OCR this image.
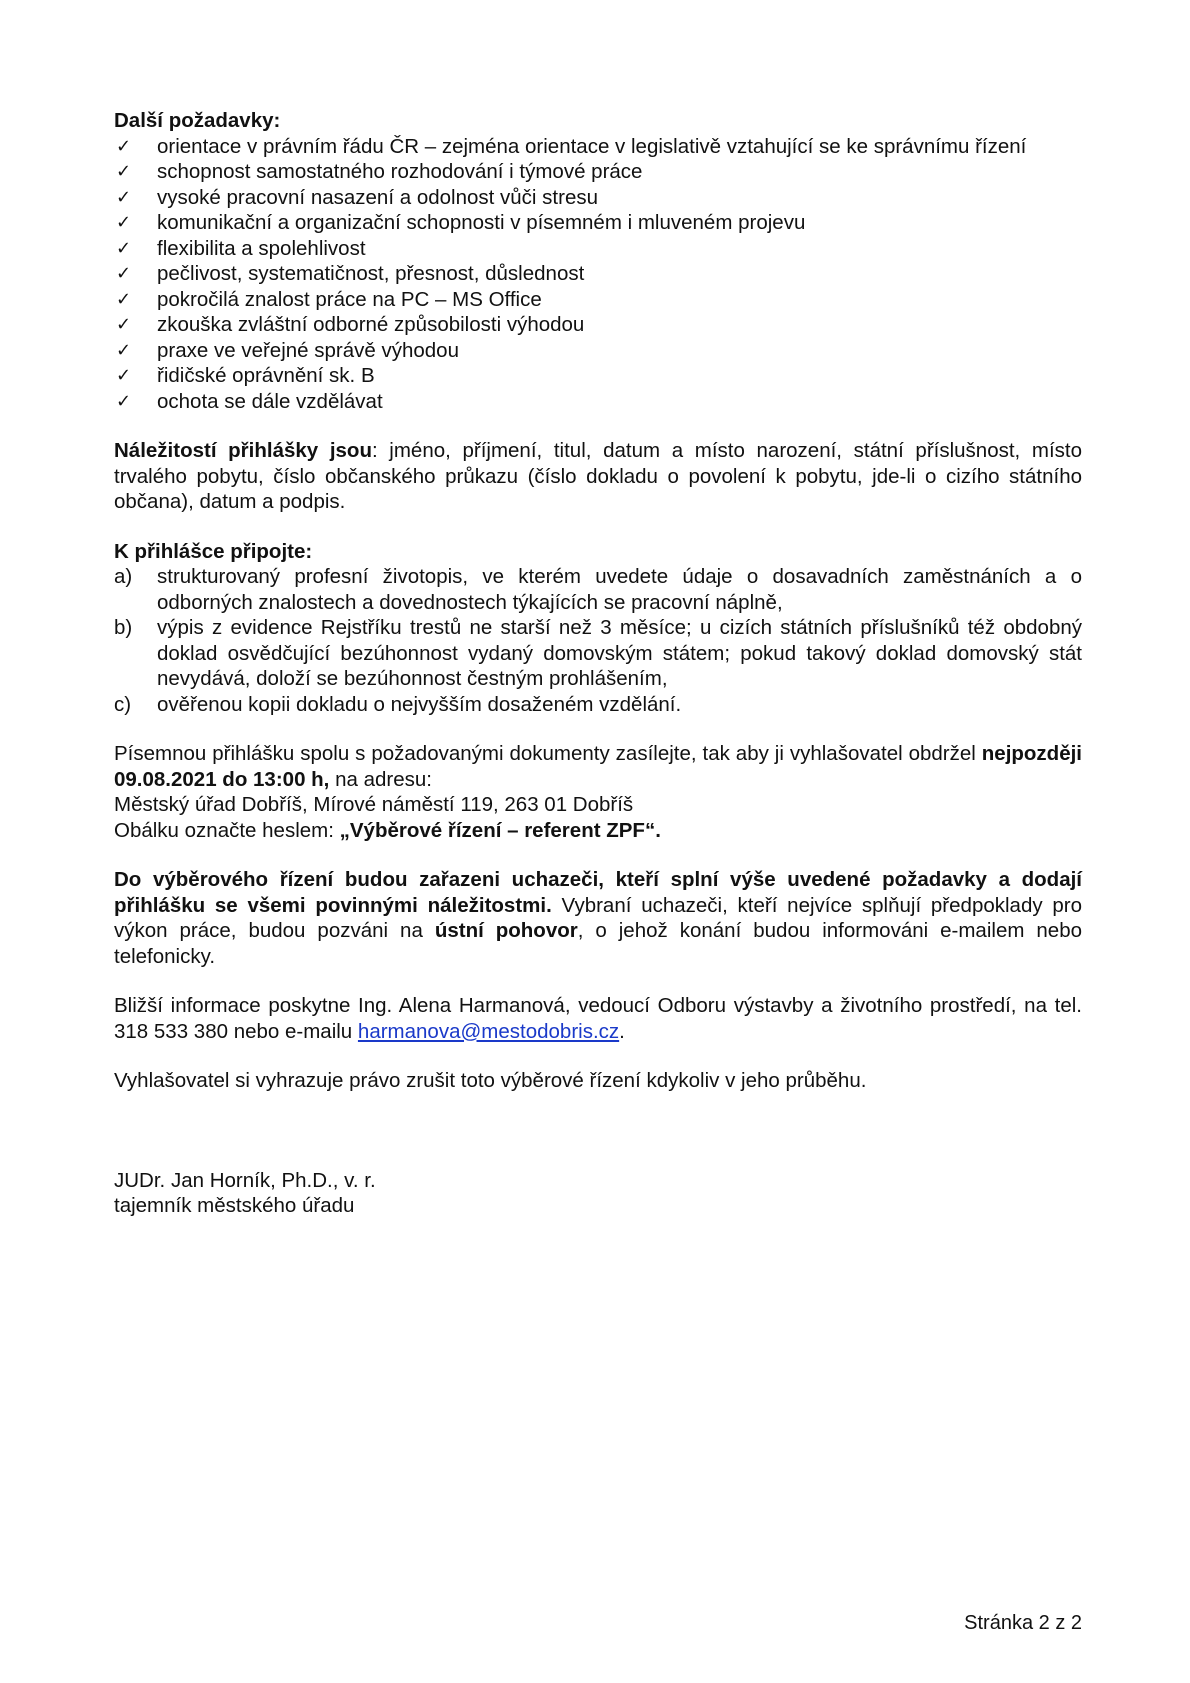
Další požadavky:
✓ orientace v právním řádu ČR – zejména orientace v legislativě vztahující se ke správnímu řízení
✓ schopnost samostatného rozhodování i týmové práce
✓ vysoké pracovní nasazení a odolnost vůči stresu
✓ komunikační a organizační schopnosti v písemném i mluveném projevu
✓ flexibilita a spolehlivost
✓ pečlivost, systematičnost, přesnost, důslednost
✓ pokročilá znalost práce na PC – MS Office
✓ zkouška zvláštní odborné způsobilosti výhodou
✓ praxe ve veřejné správě výhodou
✓ řidičské oprávnění sk. B
✓ ochota se dále vzdělávat

Náležitostí přihlášky jsou: jméno, příjmení, titul, datum a místo narození, státní příslušnost, místo trvalého pobytu, číslo občanského průkazu (číslo dokladu o povolení k pobytu, jde-li o cizího státního občana), datum a podpis.

K přihlášce připojte:
a) strukturovaný profesní životopis, ve kterém uvedete údaje o dosavadních zaměstnáních a o odborných znalostech a dovednostech týkajících se pracovní náplně,
b) výpis z evidence Rejstříku trestů ne starší než 3 měsíce; u cizích státních příslušníků též obdobný doklad osvědčující bezúhonnost vydaný domovským státem; pokud takový doklad domovský stát nevydává, doloží se bezúhonnost čestným prohlášením,
c) ověřenou kopii dokladu o nejvyšším dosaženém vzdělání.

Písemnou přihlášku spolu s požadovanými dokumenty zasílejte, tak aby ji vyhlašovatel obdržel nejpozději 09.08.2021 do 13:00 h, na adresu:

Městský úřad Dobříš, Mírové náměstí 119, 263 01 Dobříš
Obálku označte heslem: „Výběrové řízení – referent ZPF“.

Do výběrového řízení budou zařazeni uchazeči, kteří splní výše uvedené požadavky a dodají přihlášku se všemi povinnými náležitostmi. Vybraní uchazeči, kteří nejvíce splňují předpoklady pro výkon práce, budou pozváni na ústní pohovor, o jehož konání budou informováni e-mailem nebo telefonicky.

Bližší informace poskytne Ing. Alena Harmanová, vedoucí Odboru výstavby a životního prostředí, na tel. 318 533 380 nebo e-mailu harmanova@mestodobris.cz.

Vyhlašovatel si vyhrazuje právo zrušit toto výběrové řízení kdykoliv v jeho průběhu.

JUDr. Jan Horník, Ph.D., v. r.
tajemník městského úřadu
Stránka 2 z 2
